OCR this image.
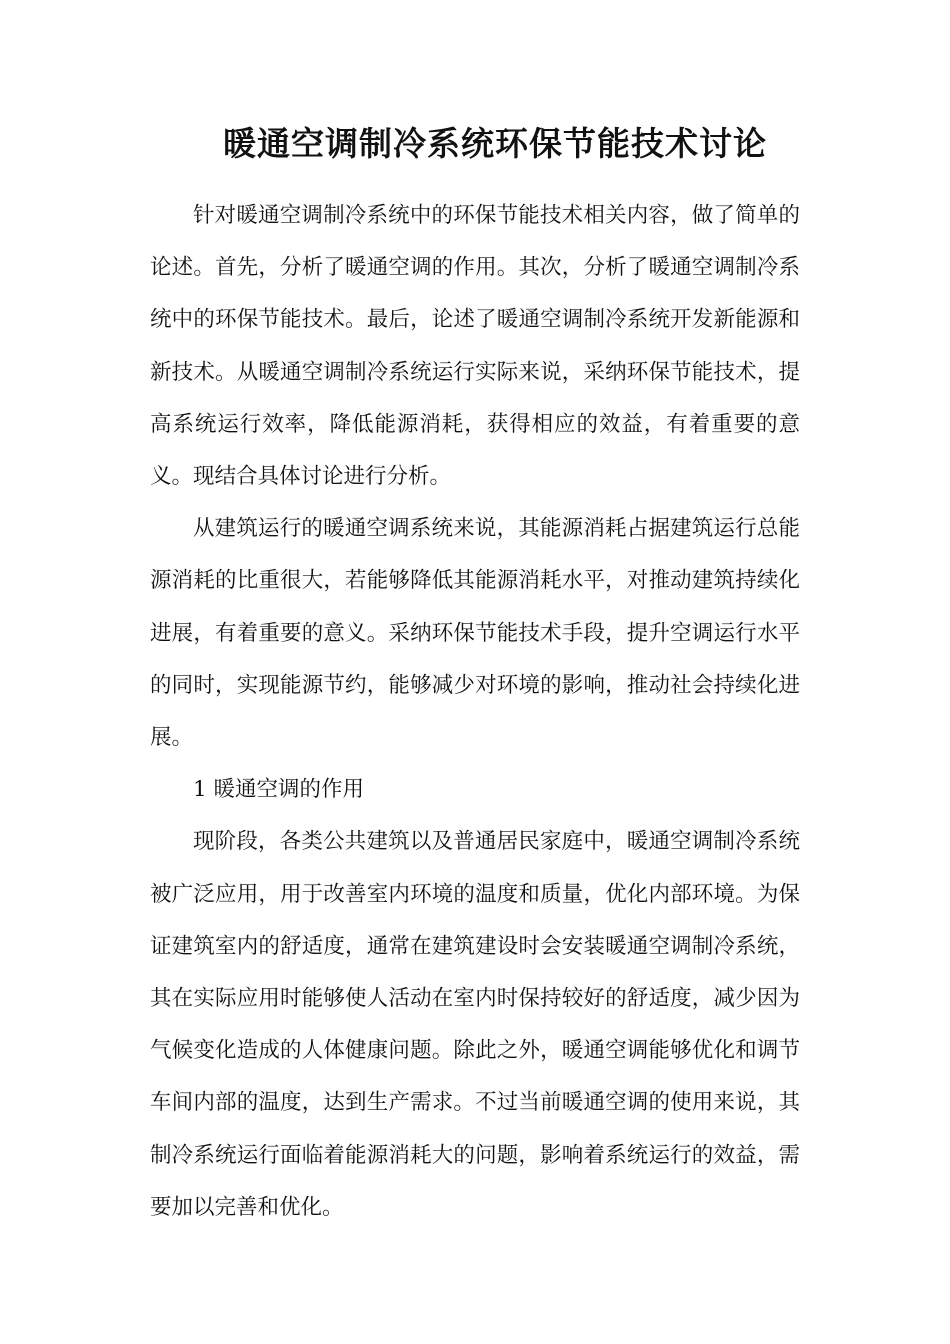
暖通空调制冷系统环保节能技术讨论

针对暖通空调制冷系统中的环保节能技术相关内容，做了简单的论述。首先，分析了暖通空调的作用。其次，分析了暖通空调制冷系统中的环保节能技术。最后，论述了暖通空调制冷系统开发新能源和新技术。从暖通空调制冷系统运行实际来说，采纳环保节能技术，提高系统运行效率，降低能源消耗，获得相应的效益，有着重要的意义。现结合具体讨论进行分析。

从建筑运行的暖通空调系统来说，其能源消耗占据建筑运行总能源消耗的比重很大，若能够降低其能源消耗水平，对推动建筑持续化进展，有着重要的意义。采纳环保节能技术手段，提升空调运行水平的同时，实现能源节约，能够减少对环境的影响，推动社会持续化进展。

1 暖通空调的作用

现阶段，各类公共建筑以及普通居民家庭中，暖通空调制冷系统被广泛应用，用于改善室内环境的温度和质量，优化内部环境。为保证建筑室内的舒适度，通常在建筑建设时会安装暖通空调制冷系统，其在实际应用时能够使人活动在室内时保持较好的舒适度，减少因为气候变化造成的人体健康问题。除此之外，暖通空调能够优化和调节车间内部的温度，达到生产需求。不过当前暖通空调的使用来说，其制冷系统运行面临着能源消耗大的问题，影响着系统运行的效益，需要加以完善和优化。
